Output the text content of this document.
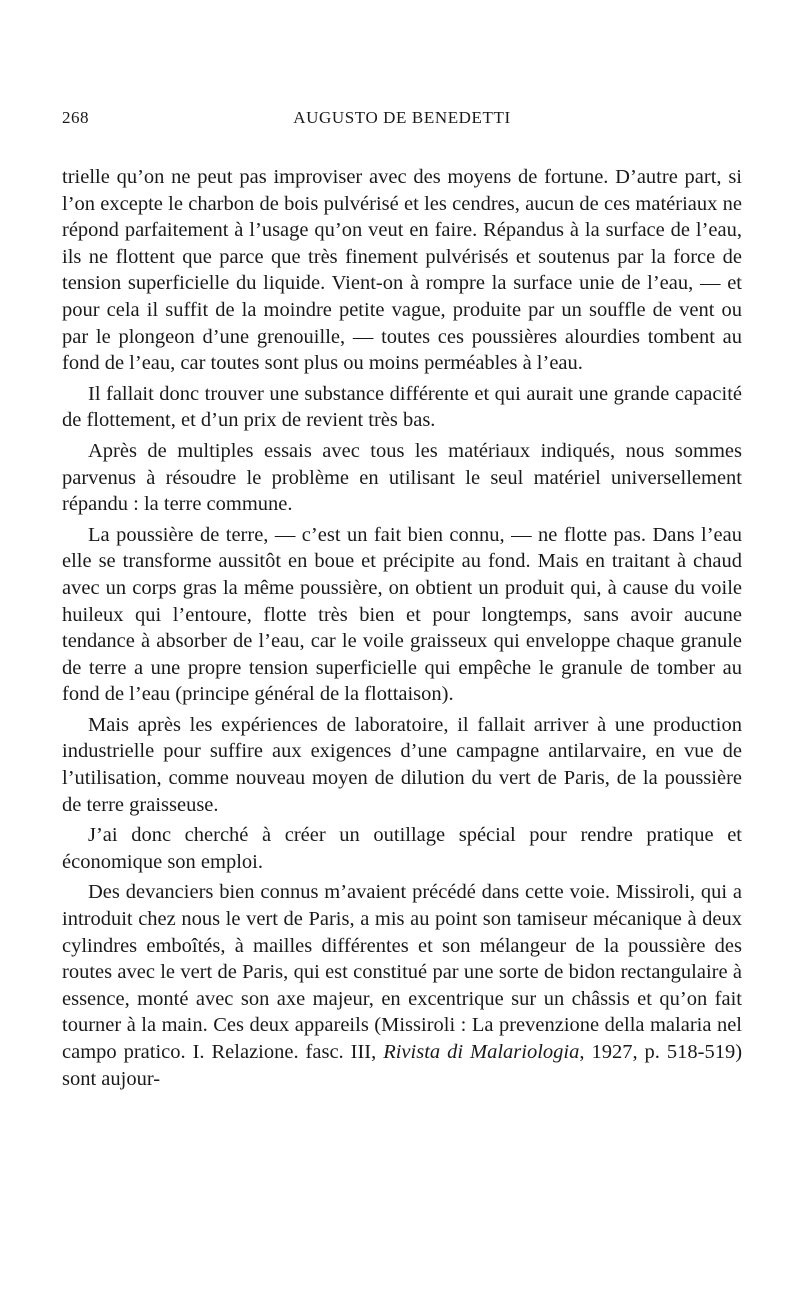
268	AUGUSTO DE BENEDETTI

trielle qu’on ne peut pas improviser avec des moyens de fortune. D’autre part, si l’on excepte le charbon de bois pulvérisé et les cendres, aucun de ces matériaux ne répond parfaitement à l’usage qu’on veut en faire. Répandus à la surface de l’eau, ils ne flottent que parce que très finement pulvérisés et soutenus par la force de tension superficielle du liquide. Vient-on à rompre la surface unie de l’eau, — et pour cela il suffit de la moindre petite vague, produite par un souffle de vent ou par le plongeon d’une grenouille, — toutes ces poussières alourdies tombent au fond de l’eau, car toutes sont plus ou moins perméables à l’eau.

Il fallait donc trouver une substance différente et qui aurait une grande capacité de flottement, et d’un prix de revient très bas.

Après de multiples essais avec tous les matériaux indiqués, nous sommes parvenus à résoudre le problème en utilisant le seul matériel universellement répandu : la terre commune.

La poussière de terre, — c’est un fait bien connu, — ne flotte pas. Dans l’eau elle se transforme aussitôt en boue et précipite au fond. Mais en traitant à chaud avec un corps gras la même poussière, on obtient un produit qui, à cause du voile huileux qui l’entoure, flotte très bien et pour longtemps, sans avoir aucune tendance à absorber de l’eau, car le voile graisseux qui enveloppe chaque granule de terre a une propre tension superficielle qui empêche le granule de tomber au fond de l’eau (principe général de la flottaison).

Mais après les expériences de laboratoire, il fallait arriver à une production industrielle pour suffire aux exigences d’une campagne antilarvaire, en vue de l’utilisation, comme nouveau moyen de dilution du vert de Paris, de la poussière de terre graisseuse.

J’ai donc cherché à créer un outillage spécial pour rendre pratique et économique son emploi.

Des devanciers bien connus m’avaient précédé dans cette voie. Missiroli, qui a introduit chez nous le vert de Paris, a mis au point son tamiseur mécanique à deux cylindres emboîtés, à mailles différentes et son mélangeur de la poussière des routes avec le vert de Paris, qui est constitué par une sorte de bidon rectangulaire à essence, monté avec son axe majeur, en excentrique sur un châssis et qu’on fait tourner à la main. Ces deux appareils (Missiroli : La prevenzione della malaria nel campo pratico. I. Relazione. fasc. III, Rivista di Malariologia, 1927, p. 518-519) sont aujour-
